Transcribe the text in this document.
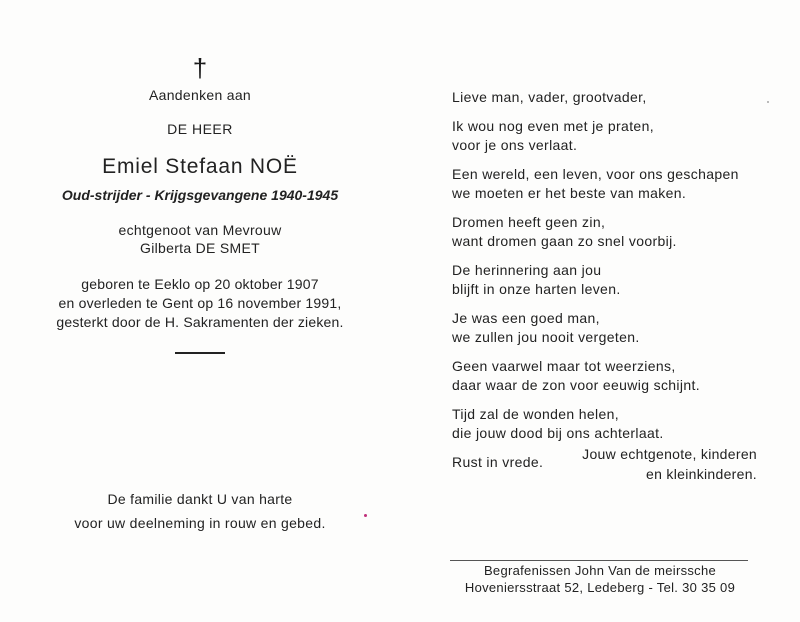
†
Aandenken aan
DE HEER
Emiel Stefaan NOË
Oud-strijder - Krijgsgevangene 1940-1945
echtgenoot van Mevrouw
Gilberta DE SMET
geboren te Eeklo op 20 oktober 1907
en overleden te Gent op 16 november 1991,
gesterkt door de H. Sakramenten der zieken.
De familie dankt U van harte
voor uw deelneming in rouw en gebed.
Lieve man, vader, grootvader,
Ik wou nog even met je praten,
voor je ons verlaat.
Een wereld, een leven, voor ons geschapen
we moeten er het beste van maken.
Dromen heeft geen zin,
want dromen gaan zo snel voorbij.
De herinnering aan jou
blijft in onze harten leven.
Je was een goed man,
we zullen jou nooit vergeten.
Geen vaarwel maar tot weerziens,
daar waar de zon voor eeuwig schijnt.
Tijd zal de wonden helen,
die jouw dood bij ons achterlaat.
Rust in vrede.	Jouw echtgenote, kinderen
en kleinkinderen.
Begrafenissen John Van de meirssche
Hoveniersstraat 52, Ledeberg - Tel. 30 35 09
